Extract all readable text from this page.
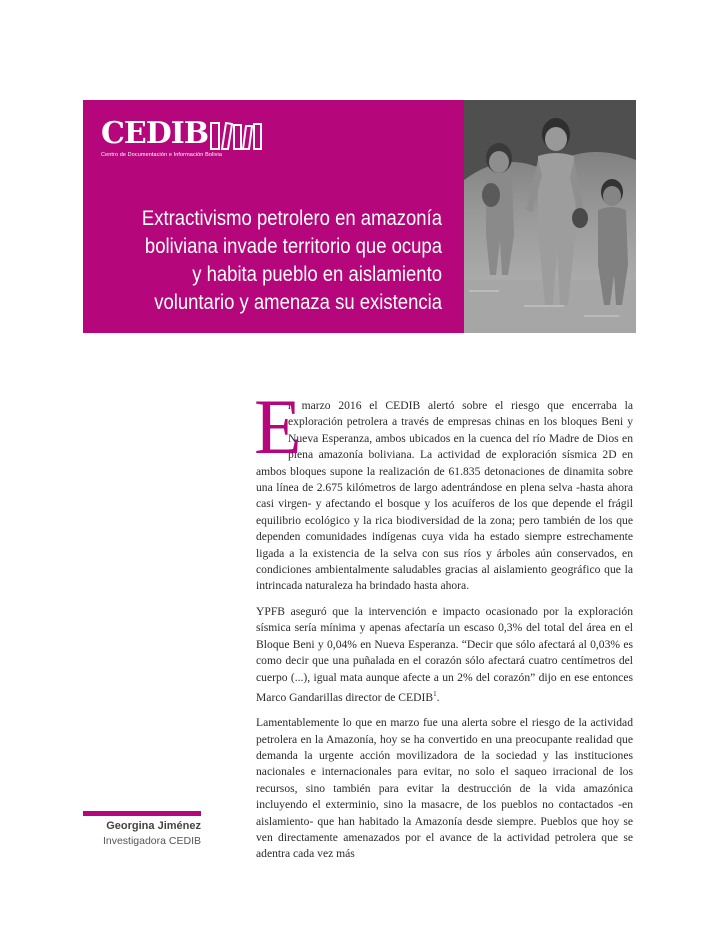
CEDIB
Centro de Documentación e Información Bolivia
Extractivismo petrolero en amazonía
boliviana invade territorio que ocupa
y habita pueblo en aislamiento
voluntario y amenaza su existencia
Georgina Jiménez
Investigadora CEDIB

E
n marzo 2016 el CEDIB alertó sobre el riesgo que encerraba la exploración petrolera a través de empresas chinas en los bloques Beni y Nueva Esperanza, ambos ubicados en la cuenca del río Madre de Dios en plena amazonía boliviana. La actividad de exploración sísmica 2D en ambos bloques supone la realización de 61.835 detonaciones de dinamita sobre una línea de 2.675 kilómetros de largo adentrándose en plena selva -hasta ahora casi virgen- y afectando el bosque y los acuíferos de los que depende el frágil equilibrio ecológico y la rica biodiversidad de la zona; pero también de los que dependen comunidades indígenas cuya vida ha estado siempre estrechamente ligada a la existencia de la selva con sus ríos y árboles aún conservados, en condiciones ambientalmente saludables gracias al aislamiento geográfico que la intrincada naturaleza ha brindado hasta ahora.

YPFB aseguró que la intervención e impacto ocasionado por la exploración sísmica sería mínima y apenas afectaría un escaso 0,3% del total del área en el Bloque Beni y 0,04% en Nueva Esperanza. “Decir que sólo afectará al 0,03% es como decir que una puñalada en el corazón sólo afectará cuatro centímetros del cuerpo (...), igual mata aunque afecte a un 2% del corazón” dijo en ese entonces Marco Gandarillas director de CEDIB$^1$.

Lamentablemente lo que en marzo fue una alerta sobre el riesgo de la actividad petrolera en la Amazonía, hoy se ha convertido en una preocupante realidad que demanda la urgente acción movilizadora de la sociedad y las instituciones nacionales e internacionales para evitar, no solo el saqueo irracional de los recursos, sino también para evitar la destrucción de la vida amazónica incluyendo el exterminio, sino la masacre, de los pueblos no contactados -en aislamiento- que han habitado la Amazonía desde siempre. Pueblos que hoy se ven directamente amenazados por el avance de la actividad petrolera que se adentra cada vez más
